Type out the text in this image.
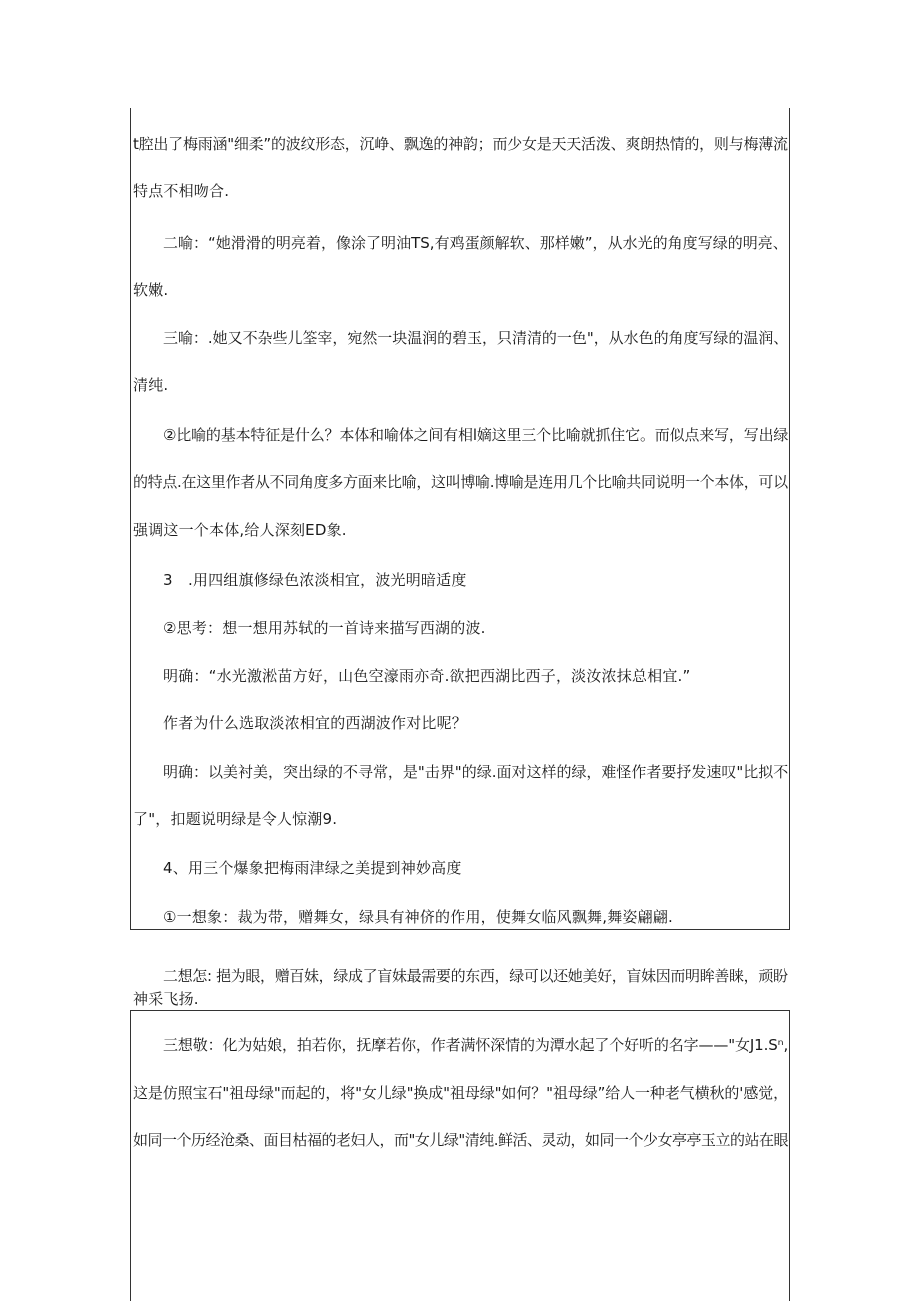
t腔出了梅雨涵"细柔”的波纹形态，沉峥、飘逸的神韵；而少女是天天活泼、爽朗热情的，则与梅薄流
特点不相吻合.
二喻：“她滑滑的明亮着，像涂了明油TS,有鸡蛋颜解软、那样嫩”，从水光的角度写绿的明亮、
软嫩.
三喻：.她又不杂些儿筌宰，宛然一块温润的碧玉，只清清的一色"，从水色的角度写绿的温润、
清纯.
②比喻的基本特征是什么？本体和喻体之间有相l嫡这里三个比喻就抓住它。而似点来写，写出绿
的特点.在这里作者从不同角度多方面来比喻，这叫博喻.博喻是连用几个比喻共同说明一个本体，可以
强调这一个本体,给人深刻ED象.
3　.用四组旗修绿色浓淡相宜，波光明暗适度
②思考：想一想用苏轼的一首诗来描写西湖的波.
明确：“水光激淞苗方好，山色空濠雨亦奇.欲把西湖比西子，淡汝浓抹总相宜.”
作者为什么选取淡浓相宜的西湖波作对比呢？
明确：以美衬美，突出绿的不寻常，是"击界"的绿.面对这样的绿，难怪作者要抒发速叹"比拟不
了"，扣题说明绿是令人惊潮9.
4、用三个爆象把梅雨津绿之美提到神妙高度
①一想象：裁为带，赠舞女，绿具有神侪的作用，使舞女临风飘舞,舞姿翩翩.
二想怎: 挹为眼，赠百妹，绿成了盲妹最需要的东西，绿可以还她美好，盲妹因而明眸善睐，顽盼
神采飞扬.
三想敬：化为姑娘，拍若你，抚摩若你，作者满怀深情的为潭水起了个好听的名字——"女J1.Sⁿ,
这是仿照宝石"祖母绿"而起的，将"女儿绿"换成"祖母绿"如何？"祖母绿”给人一种老气横秋的'感觉，
如同一个历经沧桑、面目枯福的老妇人，而"女儿绿"清纯.鲜活、灵动，如同一个少女亭亭玉立的站在眼
